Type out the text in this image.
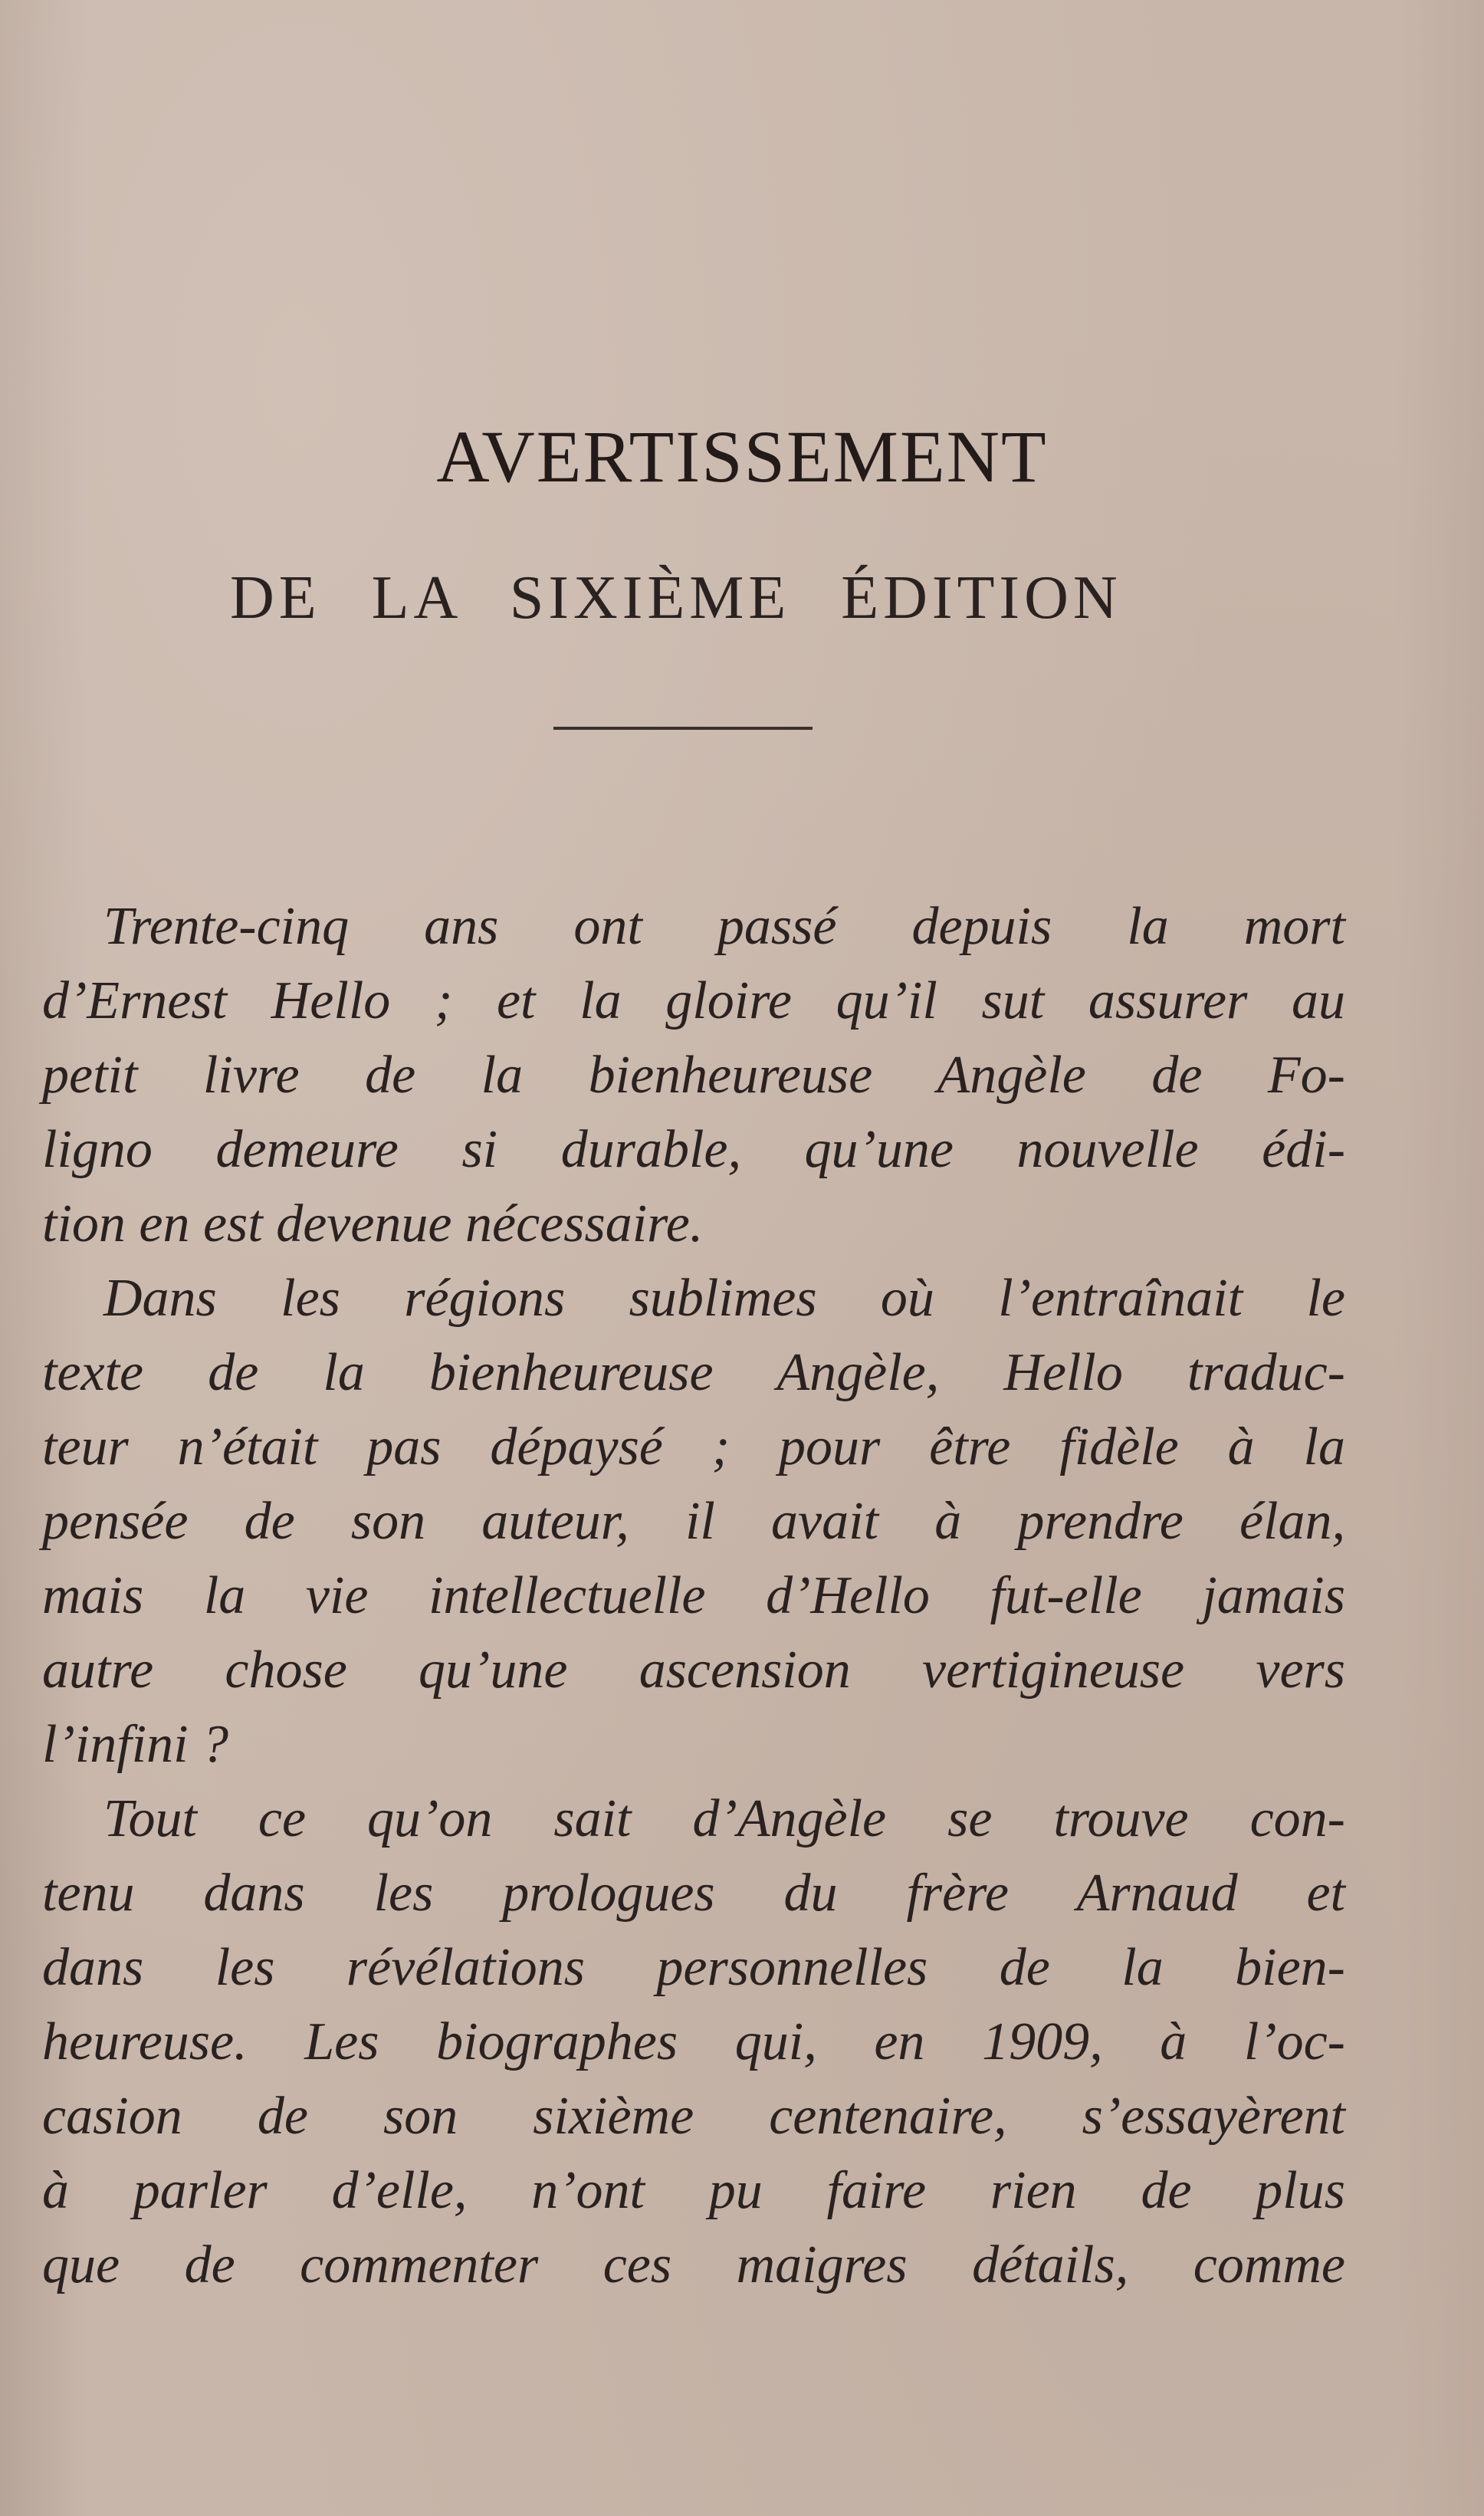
AVERTISSEMENT
DE LA SIXIÈME ÉDITION
Trente-cinq ans ont passé depuis la mort
d’Ernest Hello ; et la gloire qu’il sut assurer au
petit livre de la bienheureuse Angèle de Fo-
ligno demeure si durable, qu’une nouvelle édi-
tion en est devenue nécessaire.
Dans les régions sublimes où l’entraînait le
texte de la bienheureuse Angèle, Hello traduc-
teur n’était pas dépaysé ; pour être fidèle à la
pensée de son auteur, il avait à prendre élan,
mais la vie intellectuelle d’Hello fut-elle jamais
autre chose qu’une ascension vertigineuse vers
l’infini ?
Tout ce qu’on sait d’Angèle se trouve con-
tenu dans les prologues du frère Arnaud et
dans les révélations personnelles de la bien-
heureuse. Les biographes qui, en 1909, à l’oc-
casion de son sixième centenaire, s’essayèrent
à parler d’elle, n’ont pu faire rien de plus
que de commenter ces maigres détails, comme
